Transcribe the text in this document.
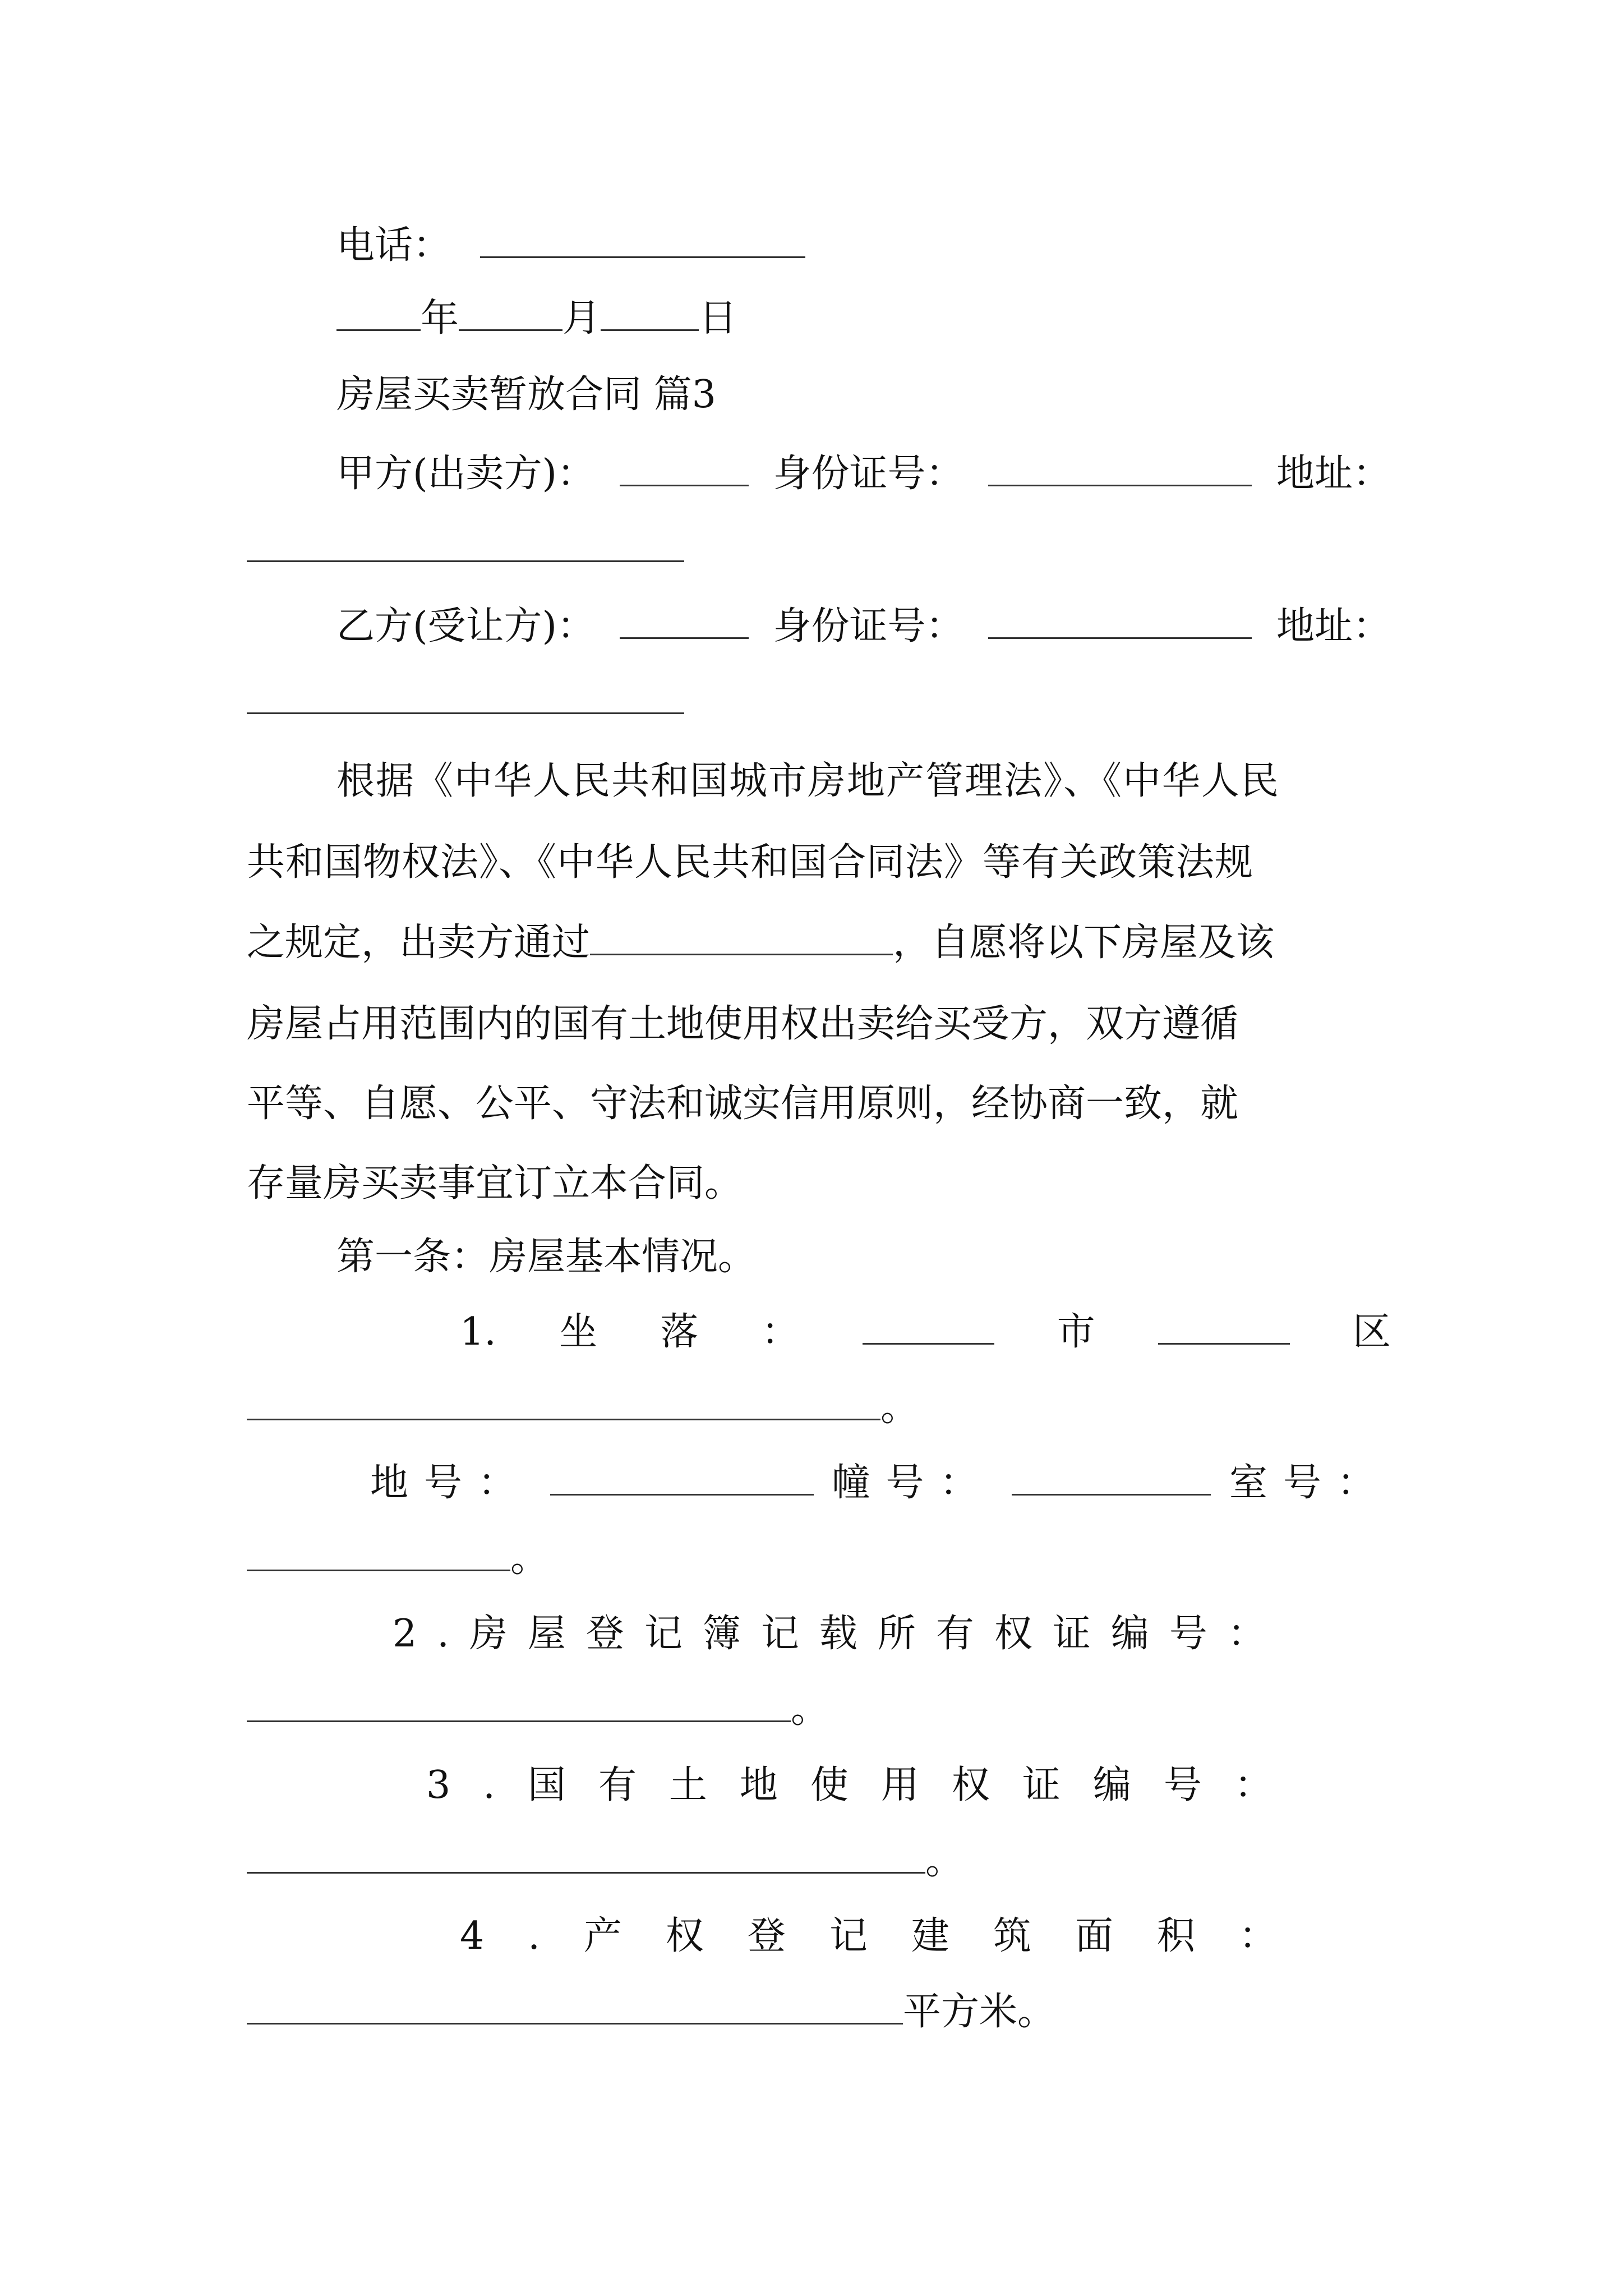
电话：
年	月	日
房屋买卖暂放合同 篇3
甲方(出卖方)：	身份证号：	地址：
乙方(受让方)：	身份证号：	地址：
根据《中华人民共和国城市房地产管理法》、《中华人民
共和国物权法》、《中华人民共和国合同法》等有关政策法规
之规定，出卖方通过	，自愿将以下房屋及该
房屋占用范围内的国有土地使用权出卖给买受方，双方遵循
平等、自愿、公平、守法和诚实信用原则，经协商一致，就
存量房买卖事宜订立本合同。
第一条：房屋基本情况。
1. 坐 落 ：	市	区
。
地号：	幢号：	室号：
。
2.房屋登记簿记载所有权证编号：
。
3.国有土地使用权证编号：
。
4.产权登记建筑面积：
平方米。
